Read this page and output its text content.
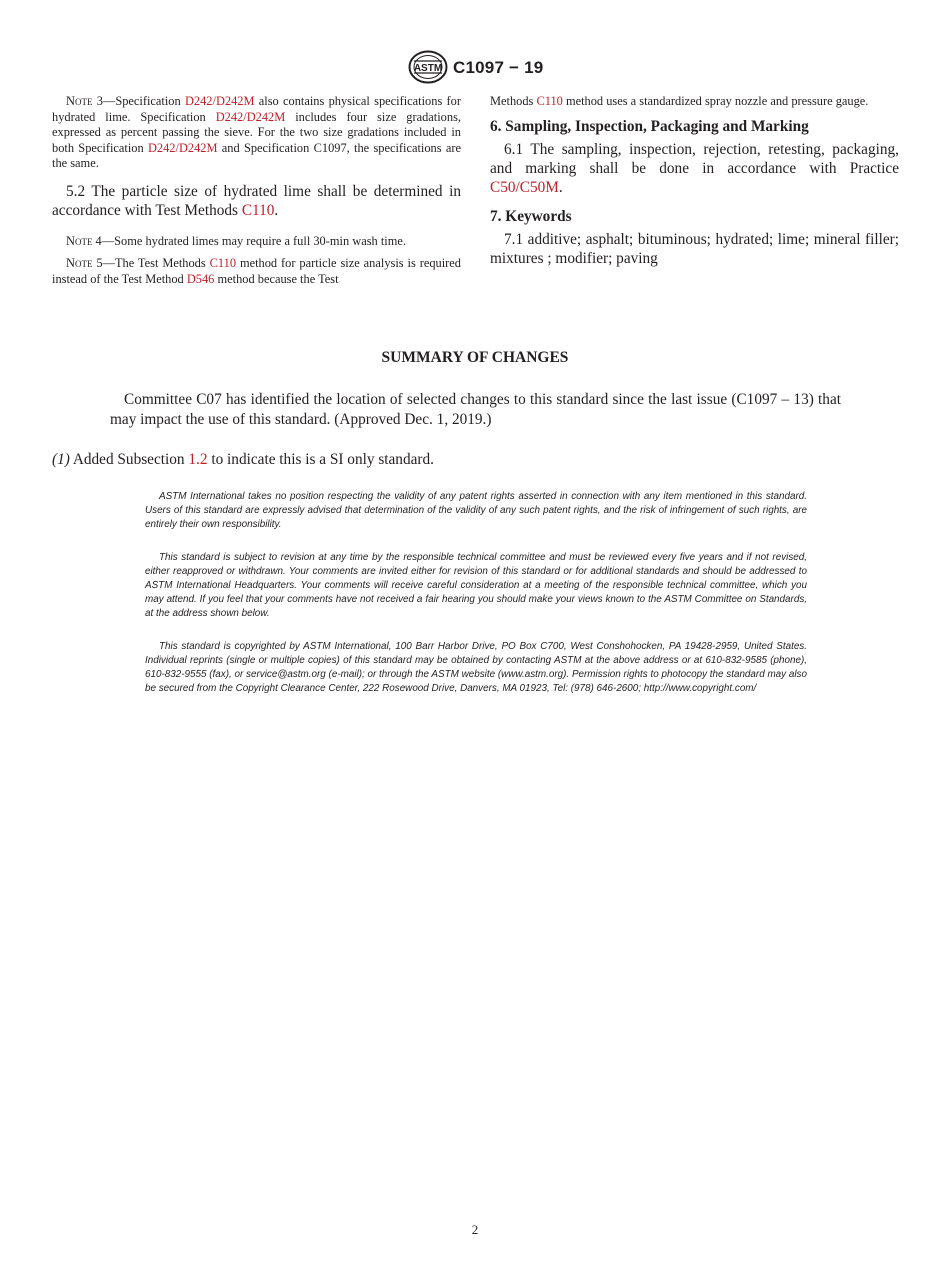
ASTM C1097 − 19

Note 3—Specification D242/D242M also contains physical specifications for hydrated lime. Specification D242/D242M includes four size gradations, expressed as percent passing the sieve. For the two size gradations included in both Specification D242/D242M and Specification C1097, the specifications are the same.

5.2 The particle size of hydrated lime shall be determined in accordance with Test Methods C110.

Note 4—Some hydrated limes may require a full 30-min wash time.

Note 5—The Test Methods C110 method for particle size analysis is required instead of the Test Method D546 method because the Test

Methods C110 method uses a standardized spray nozzle and pressure gauge.

6. Sampling, Inspection, Packaging and Marking

6.1 The sampling, inspection, rejection, retesting, packaging, and marking shall be done in accordance with Practice C50/C50M.

7. Keywords

7.1 additive; asphalt; bituminous; hydrated; lime; mineral filler; mixtures ; modifier; paving

SUMMARY OF CHANGES
Committee C07 has identified the location of selected changes to this standard since the last issue (C1097 – 13) that may impact the use of this standard. (Approved Dec. 1, 2019.)
(1) Added Subsection 1.2 to indicate this is a SI only standard.
ASTM International takes no position respecting the validity of any patent rights asserted in connection with any item mentioned in this standard. Users of this standard are expressly advised that determination of the validity of any such patent rights, and the risk of infringement of such rights, are entirely their own responsibility.
This standard is subject to revision at any time by the responsible technical committee and must be reviewed every five years and if not revised, either reapproved or withdrawn. Your comments are invited either for revision of this standard or for additional standards and should be addressed to ASTM International Headquarters. Your comments will receive careful consideration at a meeting of the responsible technical committee, which you may attend. If you feel that your comments have not received a fair hearing you should make your views known to the ASTM Committee on Standards, at the address shown below.
This standard is copyrighted by ASTM International, 100 Barr Harbor Drive, PO Box C700, West Conshohocken, PA 19428-2959, United States. Individual reprints (single or multiple copies) of this standard may be obtained by contacting ASTM at the above address or at 610-832-9585 (phone), 610-832-9555 (fax), or service@astm.org (e-mail); or through the ASTM website (www.astm.org). Permission rights to photocopy the standard may also be secured from the Copyright Clearance Center, 222 Rosewood Drive, Danvers, MA 01923, Tel: (978) 646-2600; http://www.copyright.com/
2
